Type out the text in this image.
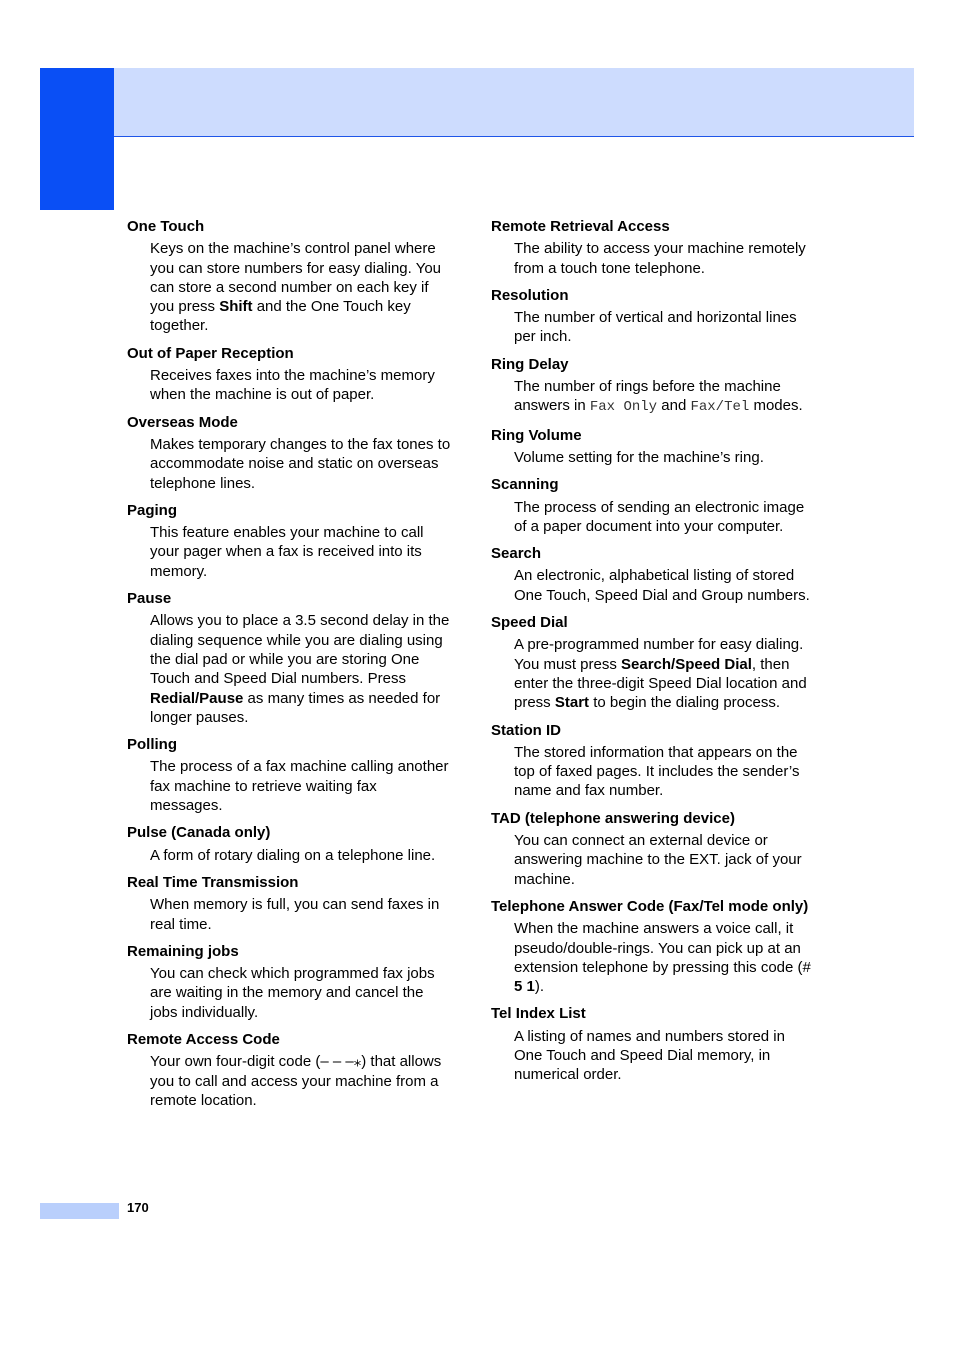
One Touch
Keys on the machine’s control panel where you can store numbers for easy dialing. You can store a second number on each key if you press Shift and the One Touch key together.
Out of Paper Reception
Receives faxes into the machine’s memory when the machine is out of paper.
Overseas Mode
Makes temporary changes to the fax tones to accommodate noise and static on overseas telephone lines.
Paging
This feature enables your machine to call your pager when a fax is received into its memory.
Pause
Allows you to place a 3.5 second delay in the dialing sequence while you are dialing using the dial pad or while you are storing One Touch and Speed Dial numbers. Press Redial/Pause as many times as needed for longer pauses.
Polling
The process of a fax machine calling another fax machine to retrieve waiting fax messages.
Pulse (Canada only)
A form of rotary dialing on a telephone line.
Real Time Transmission
When memory is full, you can send faxes in real time.
Remaining jobs
You can check which programmed fax jobs are waiting in the memory and cancel the jobs individually.
Remote Access Code
Your own four-digit code (– – –⁎) that allows you to call and access your machine from a remote location.
Remote Retrieval Access
The ability to access your machine remotely from a touch tone telephone.
Resolution
The number of vertical and horizontal lines per inch.
Ring Delay
The number of rings before the machine answers in Fax Only and Fax/Tel modes.
Ring Volume
Volume setting for the machine’s ring.
Scanning
The process of sending an electronic image of a paper document into your computer.
Search
An electronic, alphabetical listing of stored One Touch, Speed Dial and Group numbers.
Speed Dial
A pre-programmed number for easy dialing. You must press Search/Speed Dial, then enter the three-digit Speed Dial location and press Start to begin the dialing process.
Station ID
The stored information that appears on the top of faxed pages. It includes the sender’s name and fax number.
TAD (telephone answering device)
You can connect an external device or answering machine to the EXT. jack of your machine.
Telephone Answer Code (Fax/Tel mode only)
When the machine answers a voice call, it pseudo/double-rings. You can pick up at an extension telephone by pressing this code (# 5 1).
Tel Index List
A listing of names and numbers stored in One Touch and Speed Dial memory, in numerical order.
170
